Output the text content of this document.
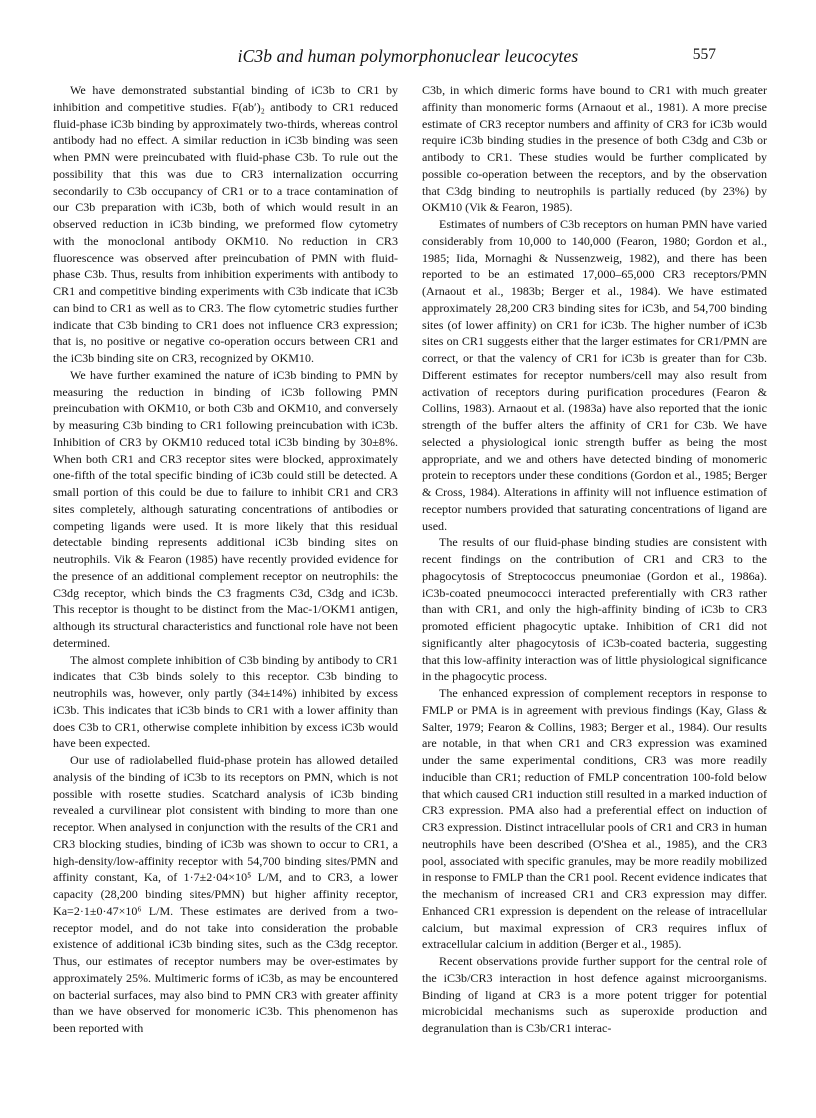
iC3b and human polymorphonuclear leucocytes	557

We have demonstrated substantial binding of iC3b to CR1 by inhibition and competitive studies. F(ab′)₂ antibody to CR1 reduced fluid-phase iC3b binding by approximately two-thirds, whereas control antibody had no effect. A similar reduction in iC3b binding was seen when PMN were preincubated with fluid-phase C3b. To rule out the possibility that this was due to CR3 internalization occurring secondarily to C3b occupancy of CR1 or to a trace contamination of our C3b preparation with iC3b, both of which would result in an observed reduction in iC3b binding, we preformed flow cytometry with the monoclonal antibody OKM10. No reduction in CR3 fluorescence was observed after preincubation of PMN with fluid-phase C3b. Thus, results from inhibition experiments with antibody to CR1 and competitive binding experiments with C3b indicate that iC3b can bind to CR1 as well as to CR3. The flow cytometric studies further indicate that C3b binding to CR1 does not influence CR3 expression; that is, no positive or negative co-operation occurs between CR1 and the iC3b binding site on CR3, recognized by OKM10.

We have further examined the nature of iC3b binding to PMN by measuring the reduction in binding of iC3b following PMN preincubation with OKM10, or both C3b and OKM10, and conversely by measuring C3b binding to CR1 following preincubation with iC3b. Inhibition of CR3 by OKM10 reduced total iC3b binding by 30±8%. When both CR1 and CR3 receptor sites were blocked, approximately one-fifth of the total specific binding of iC3b could still be detected. A small portion of this could be due to failure to inhibit CR1 and CR3 sites completely, although saturating concentrations of antibodies or competing ligands were used. It is more likely that this residual detectable binding represents additional iC3b binding sites on neutrophils. Vik & Fearon (1985) have recently provided evidence for the presence of an additional complement receptor on neutrophils: the C3dg receptor, which binds the C3 fragments C3d, C3dg and iC3b. This receptor is thought to be distinct from the Mac-1/OKM1 antigen, although its structural characteristics and functional role have not been determined.

The almost complete inhibition of C3b binding by antibody to CR1 indicates that C3b binds solely to this receptor. C3b binding to neutrophils was, however, only partly (34±14%) inhibited by excess iC3b. This indicates that iC3b binds to CR1 with a lower affinity than does C3b to CR1, otherwise complete inhibition by excess iC3b would have been expected.

Our use of radiolabelled fluid-phase protein has allowed detailed analysis of the binding of iC3b to its receptors on PMN, which is not possible with rosette studies. Scatchard analysis of iC3b binding revealed a curvilinear plot consistent with binding to more than one receptor. When analysed in conjunction with the results of the CR1 and CR3 blocking studies, binding of iC3b was shown to occur to CR1, a high-density/low-affinity receptor with 54,700 binding sites/PMN and affinity constant, Ka, of 1·7±2·04×10⁵ L/M, and to CR3, a lower capacity (28,200 binding sites/PMN) but higher affinity receptor, Ka=2·1±0·47×10⁶ L/M. These estimates are derived from a two-receptor model, and do not take into consideration the probable existence of additional iC3b binding sites, such as the C3dg receptor. Thus, our estimates of receptor numbers may be over-estimates by approximately 25%. Multimeric forms of iC3b, as may be encountered on bacterial surfaces, may also bind to PMN CR3 with greater affinity than we have observed for monomeric iC3b. This phenomenon has been reported with

C3b, in which dimeric forms have bound to CR1 with much greater affinity than monomeric forms (Arnaout et al., 1981). A more precise estimate of CR3 receptor numbers and affinity of CR3 for iC3b would require iC3b binding studies in the presence of both C3dg and C3b or antibody to CR1. These studies would be further complicated by possible co-operation between the receptors, and by the observation that C3dg binding to neutrophils is partially reduced (by 23%) by OKM10 (Vik & Fearon, 1985).

Estimates of numbers of C3b receptors on human PMN have varied considerably from 10,000 to 140,000 (Fearon, 1980; Gordon et al., 1985; Iida, Mornaghi & Nussenzweig, 1982), and there has been reported to be an estimated 17,000–65,000 CR3 receptors/PMN (Arnaout et al., 1983b; Berger et al., 1984). We have estimated approximately 28,200 CR3 binding sites for iC3b, and 54,700 binding sites (of lower affinity) on CR1 for iC3b. The higher number of iC3b sites on CR1 suggests either that the larger estimates for CR1/PMN are correct, or that the valency of CR1 for iC3b is greater than for C3b. Different estimates for receptor numbers/cell may also result from activation of receptors during purification procedures (Fearon & Collins, 1983). Arnaout et al. (1983a) have also reported that the ionic strength of the buffer alters the affinity of CR1 for C3b. We have selected a physiological ionic strength buffer as being the most appropriate, and we and others have detected binding of monomeric protein to receptors under these conditions (Gordon et al., 1985; Berger & Cross, 1984). Alterations in affinity will not influence estimation of receptor numbers provided that saturating concentrations of ligand are used.

The results of our fluid-phase binding studies are consistent with recent findings on the contribution of CR1 and CR3 to the phagocytosis of Streptococcus pneumoniae (Gordon et al., 1986a). iC3b-coated pneumococci interacted preferentially with CR3 rather than with CR1, and only the high-affinity binding of iC3b to CR3 promoted efficient phagocytic uptake. Inhibition of CR1 did not significantly alter phagocytosis of iC3b-coated bacteria, suggesting that this low-affinity interaction was of little physiological significance in the phagocytic process.

The enhanced expression of complement receptors in response to FMLP or PMA is in agreement with previous findings (Kay, Glass & Salter, 1979; Fearon & Collins, 1983; Berger et al., 1984). Our results are notable, in that when CR1 and CR3 expression was examined under the same experimental conditions, CR3 was more readily inducible than CR1; reduction of FMLP concentration 100-fold below that which caused CR1 induction still resulted in a marked induction of CR3 expression. PMA also had a preferential effect on induction of CR3 expression. Distinct intracellular pools of CR1 and CR3 in human neutrophils have been described (O'Shea et al., 1985), and the CR3 pool, associated with specific granules, may be more readily mobilized in response to FMLP than the CR1 pool. Recent evidence indicates that the mechanism of increased CR1 and CR3 expression may differ. Enhanced CR1 expression is dependent on the release of intracellular calcium, but maximal expression of CR3 requires influx of extracellular calcium in addition (Berger et al., 1985).

Recent observations provide further support for the central role of the iC3b/CR3 interaction in host defence against microorganisms. Binding of ligand at CR3 is a more potent trigger for potential microbicidal mechanisms such as superoxide production and degranulation than is C3b/CR1 interac-
